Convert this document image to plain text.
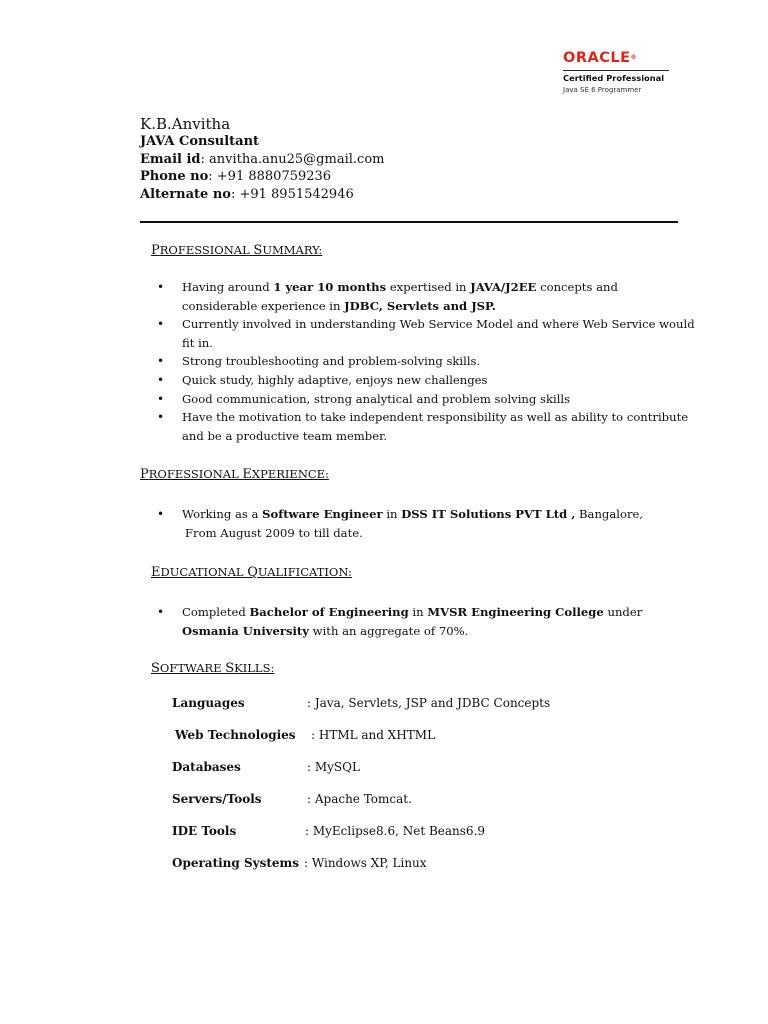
ORACLE®
Certified Professional
Java SE 6 Programmer
K.B.Anvitha
JAVA Consultant
Email id: anvitha.anu25@gmail.com
Phone no: +91 8880759236
Alternate no: +91 8951542946
PROFESSIONAL SUMMARY:
• Having around 1 year 10 months expertised in JAVA/J2EE concepts and considerable experience in JDBC, Servlets and JSP.
• Currently involved in understanding Web Service Model and where Web Service would fit in.
• Strong troubleshooting and problem-solving skills.
• Quick study, highly adaptive, enjoys new challenges
• Good communication, strong analytical and problem solving skills
• Have the motivation to take independent responsibility as well as ability to contribute and be a productive team member.
PROFESSIONAL EXPERIENCE:
• Working as a Software Engineer in DSS IT Solutions PVT Ltd , Bangalore,
From August 2009 to till date.
EDUCATIONAL QUALIFICATION:
• Completed Bachelor of Engineering in MVSR Engineering College under Osmania University with an aggregate of 70%.
SOFTWARE SKILLS:
Languages	: Java, Servlets, JSP and JDBC Concepts
Web Technologies : HTML and XHTML
Databases	: MySQL
Servers/Tools	: Apache Tomcat.
IDE Tools	: MyEclipse8.6, Net Beans6.9
Operating Systems : Windows XP, Linux
